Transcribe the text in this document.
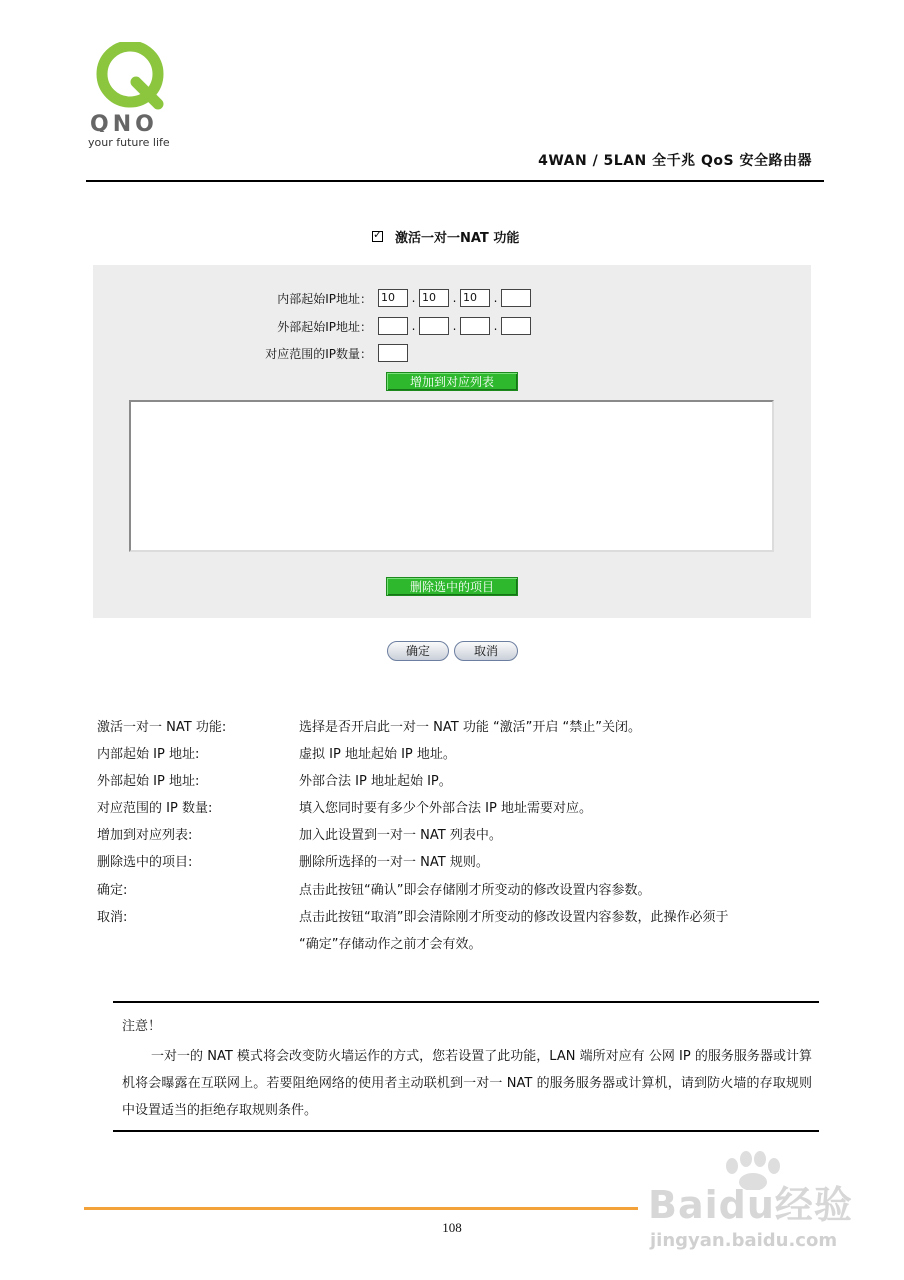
QNO
your future life
4WAN / 5LAN 全千兆 QoS 安全路由器
✓
激活一对一NAT 功能
内部起始IP地址： 10	. 10	. 10	.
外部起始IP地址：	.	.	.
对应范围的IP数量：
增加到对应列表
删除选中的项目
确定	取消
激活一对一 NAT 功能:	选择是否开启此一对一 NAT 功能 “激活”开启 “禁止”关闭。
内部起始 IP 地址:	虚拟 IP 地址起始 IP 地址。
外部起始 IP 地址:	外部合法 IP 地址起始 IP。
对应范围的 IP 数量:	填入您同时要有多少个外部合法 IP 地址需要对应。
增加到对应列表:	加入此设置到一对一 NAT 列表中。
删除选中的项目:	删除所选择的一对一 NAT 规则。
确定:	点击此按钮“确认”即会存储刚才所变动的修改设置内容参数。
取消:	点击此按钮“取消”即会清除刚才所变动的修改设置内容参数，此操作必须于
“确定”存储动作之前才会有效。
注意！
一对一的 NAT 模式将会改变防火墙运作的方式，您若设置了此功能，LAN 端所对应有 公网 IP 的服务服务器或计算机将会曝露在互联网上。若要阻绝网络的使用者主动联机到一对一 NAT 的服务服务器或计算机，请到防火墙的存取规则中设置适当的拒绝存取规则条件。
108
Baidu经验
jingyan.baidu.com
